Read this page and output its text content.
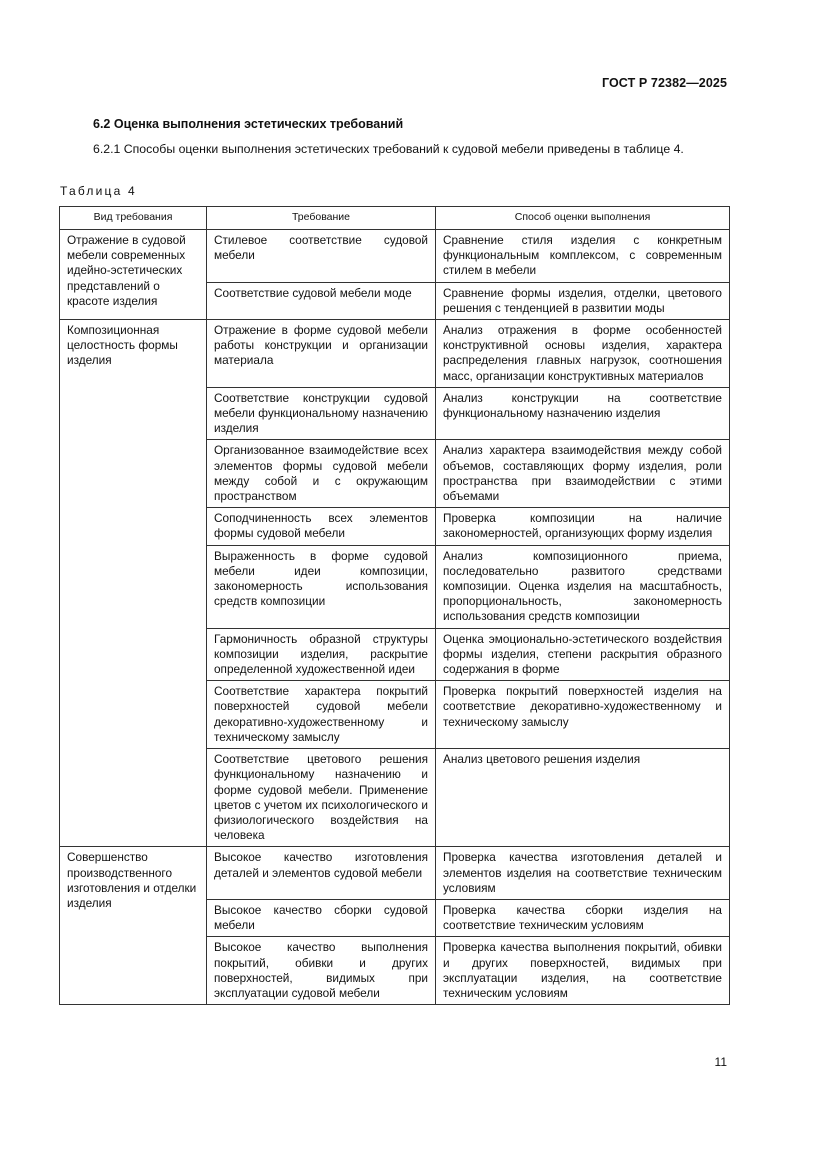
ГОСТ Р 72382—2025
6.2 Оценка выполнения эстетических требований

6.2.1 Способы оценки выполнения эстетических требований к судовой мебели приведены в таблице 4.

Таблица 4
Вид требования	Требование	Способ оценки выполнения
Отражение в судовой мебели современных идейно-эстетических представлений о красоте изделия	Стилевое соответствие судовой мебели	Сравнение стиля изделия с конкретным функциональным комплексом, с современным стилем в мебели
	Соответствие судовой мебели моде	Сравнение формы изделия, отделки, цветового решения с тенденцией в развитии моды
Композиционная целостность формы изделия	Отражение в форме судовой мебели работы конструкции и организации материала	Анализ отражения в форме особенностей конструктивной основы изделия, характера распределения главных нагрузок, соотношения масс, организации конструктивных материалов
	Соответствие конструкции судовой мебели функциональному назначению изделия	Анализ конструкции на соответствие функциональному назначению изделия
	Организованное взаимодействие всех элементов формы судовой мебели между собой и с окружающим пространством	Анализ характера взаимодействия между собой объемов, составляющих форму изделия, роли пространства при взаимодействии с этими объемами
	Соподчиненность всех элементов формы судовой мебели	Проверка композиции на наличие закономерностей, организующих форму изделия
	Выраженность в форме судовой мебели идеи композиции, закономерность использования средств композиции	Анализ композиционного приема, последовательно развитого средствами композиции. Оценка изделия на масштабность, пропорциональность, закономерность использования средств композиции
	Гармоничность образной структуры композиции изделия, раскрытие определенной художественной идеи	Оценка эмоционально-эстетического воздействия формы изделия, степени раскрытия образного содержания в форме
	Соответствие характера покрытий поверхностей судовой мебели декоративно-художественному и техническому замыслу	Проверка покрытий поверхностей изделия на соответствие декоративно-художественному и техническому замыслу
	Соответствие цветового решения функциональному назначению и форме судовой мебели. Применение цветов с учетом их психологического и физиологического воздействия на человека	Анализ цветового решения изделия
Совершенство производственного изготовления и отделки изделия	Высокое качество изготовления деталей и элементов судовой мебели	Проверка качества изготовления деталей и элементов изделия на соответствие техническим условиям
	Высокое качество сборки судовой мебели	Проверка качества сборки изделия на соответствие техническим условиям
	Высокое качество выполнения покрытий, обивки и других поверхностей, видимых при эксплуатации судовой мебели	Проверка качества выполнения покрытий, обивки и других поверхностей, видимых при эксплуатации изделия, на соответствие техническим условиям
11
